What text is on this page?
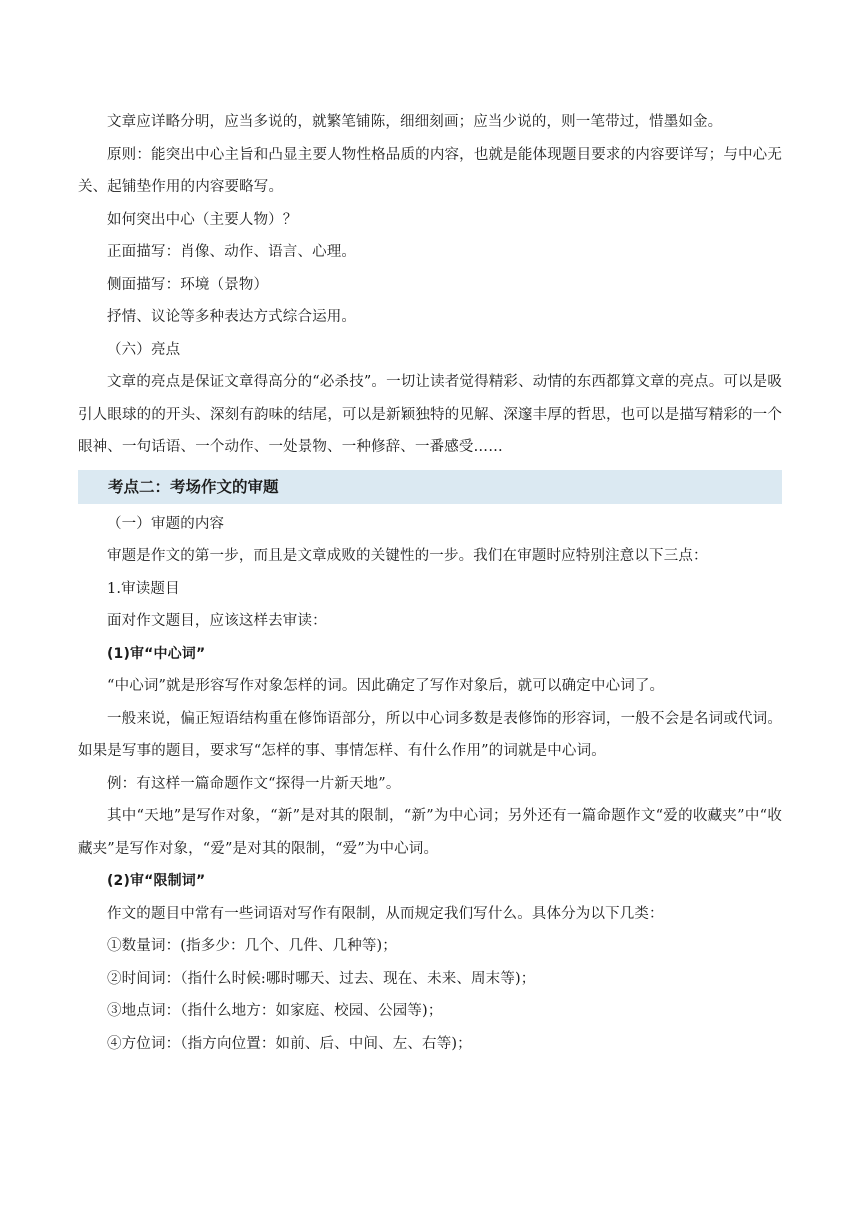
文章应详略分明，应当多说的，就繁笔铺陈，细细刻画；应当少说的，则一笔带过，惜墨如金。

原则：能突出中心主旨和凸显主要人物性格品质的内容，也就是能体现题目要求的内容要详写；与中心无关、起铺垫作用的内容要略写。

如何突出中心（主要人物）？

正面描写：肖像、动作、语言、心理。

侧面描写：环境（景物）

抒情、议论等多种表达方式综合运用。

（六）亮点

文章的亮点是保证文章得高分的“必杀技”。一切让读者觉得精彩、动情的东西都算文章的亮点。可以是吸引人眼球的的开头、深刻有韵味的结尾，可以是新颖独特的见解、深邃丰厚的哲思，也可以是描写精彩的一个眼神、一句话语、一个动作、一处景物、一种修辞、一番感受……

考点二：考场作文的审题

（一）审题的内容

审题是作文的第一步，而且是文章成败的关键性的一步。我们在审题时应特别注意以下三点：

1.审读题目

面对作文题目，应该这样去审读：

(1)审“中心词”

“中心词”就是形容写作对象怎样的词。因此确定了写作对象后，就可以确定中心词了。

一般来说，偏正短语结构重在修饰语部分，所以中心词多数是表修饰的形容词，一般不会是名词或代词。如果是写事的题目，要求写“怎样的事、事情怎样、有什么作用”的词就是中心词。

例：有这样一篇命题作文“探得一片新天地”。

其中“天地”是写作对象，“新”是对其的限制，“新”为中心词；另外还有一篇命题作文“爱的收藏夹”中“收藏夹”是写作对象，“爱”是对其的限制，“爱”为中心词。

(2)审“限制词”

作文的题目中常有一些词语对写作有限制，从而规定我们写什么。具体分为以下几类：

①数量词：(指多少：几个、几件、几种等)；

②时间词：（指什么时候:哪时哪天、过去、现在、未来、周末等)；

③地点词：（指什么地方：如家庭、校园、公园等)；

④方位词：（指方向位置：如前、后、中间、左、右等)；
